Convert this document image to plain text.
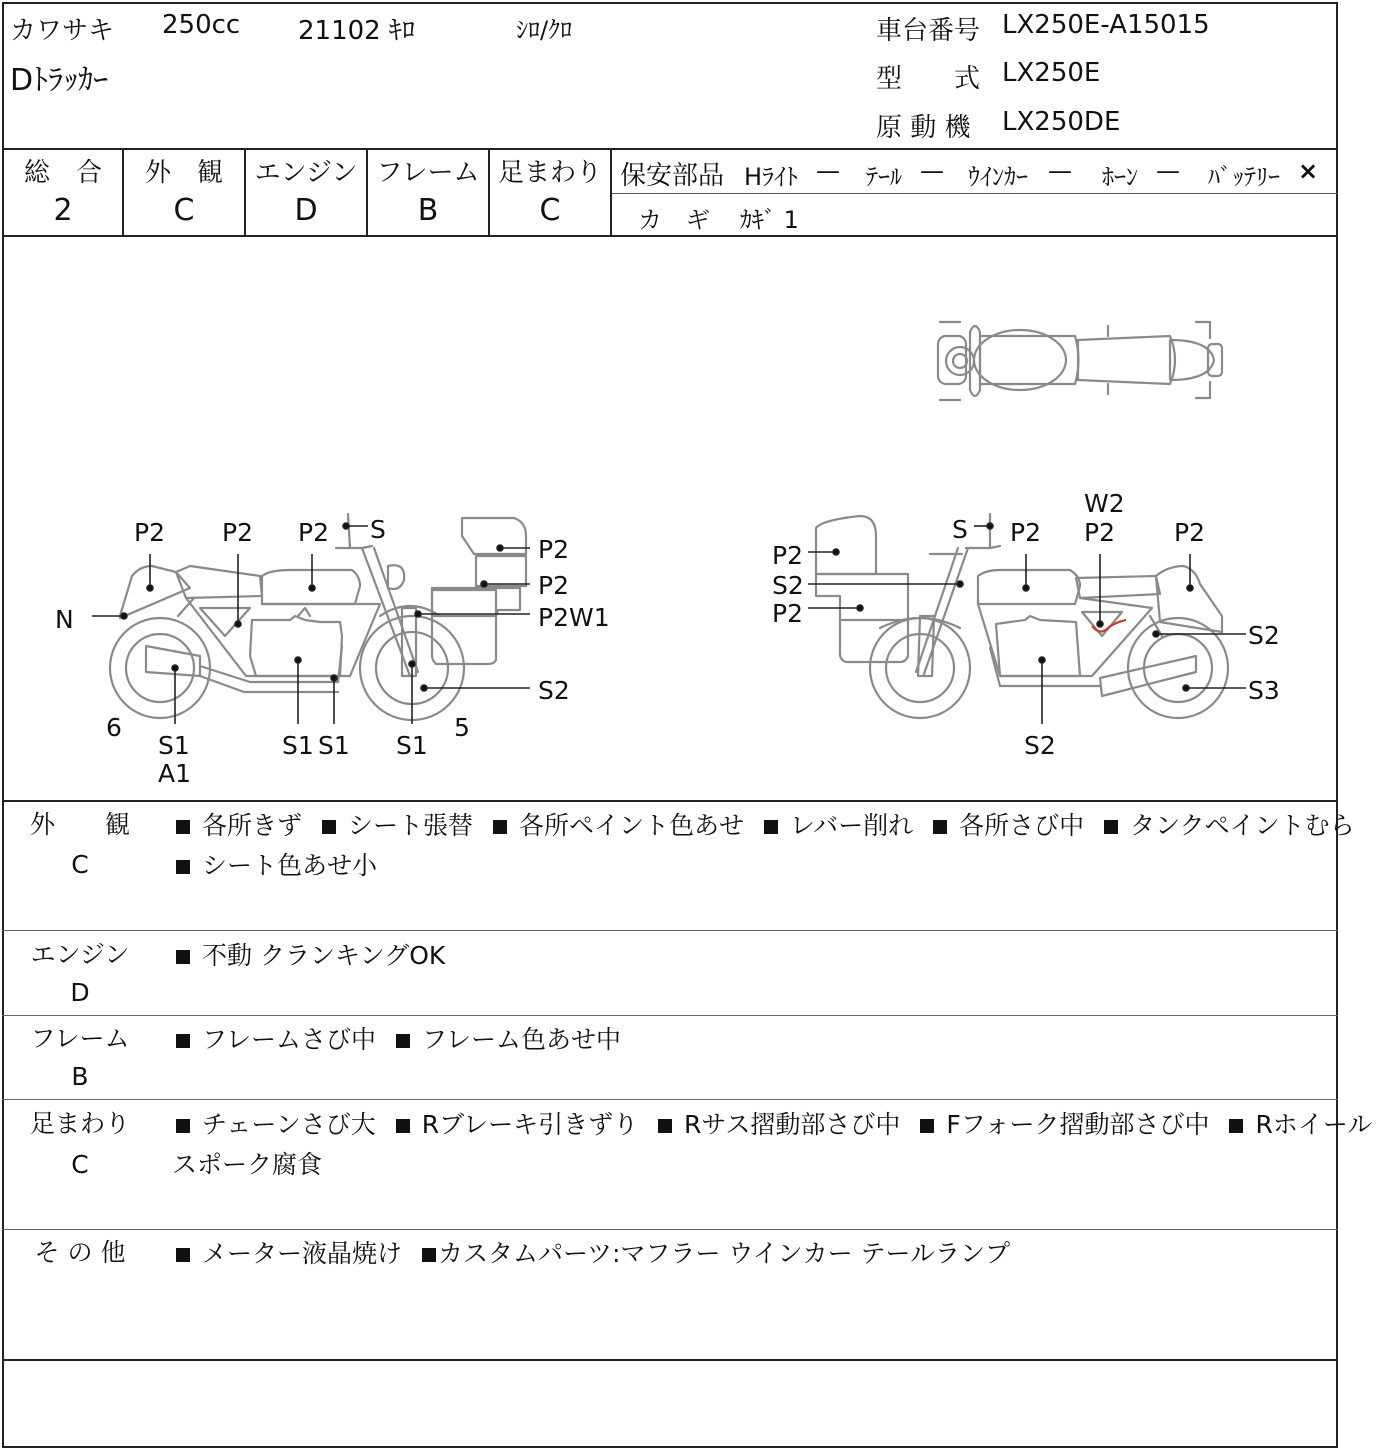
カワサキ 250cc 21102 ｷﾛ	ｼﾛ/ｸﾛ
Dﾄﾗｯｶｰ
車台番号 LX250E-A15015
型　　式 LX250E
原 動 機 LX250DE
総　合
2
外　観
C
エンジン
D
フレーム
B
足まわり
C
保安部品 Hﾗｲﾄ — ﾃｰﾙ — ｳｲﾝｶｰ — ﾎｰﾝ — ﾊﾞｯﾃﾘｰ ×
カ　ギ ｶｷﾞ 1
P2 P2 P2 S
P2
P2
P2W1
N
S2
6
S1
A1
S1 S1 S1
5
W2
S P2 P2 P2
P2
S2
P2
S2
S3
S2
外　　観
C
各所きず シート張替 各所ペイント色あせ レバー削れ 各所さび中 タンクペイントむら
シート色あせ小
エンジン
D
不動 クランキングOK
フレーム
B
フレームさび中 フレーム色あせ中
足まわり
C
チェーンさび大 Rブレーキ引きずり Rサス摺動部さび中 Fフォーク摺動部さび中 Rホイール
スポーク腐食
そ の 他	メーター液晶焼け カスタムパーツ:マフラー ウインカー テールランプ
